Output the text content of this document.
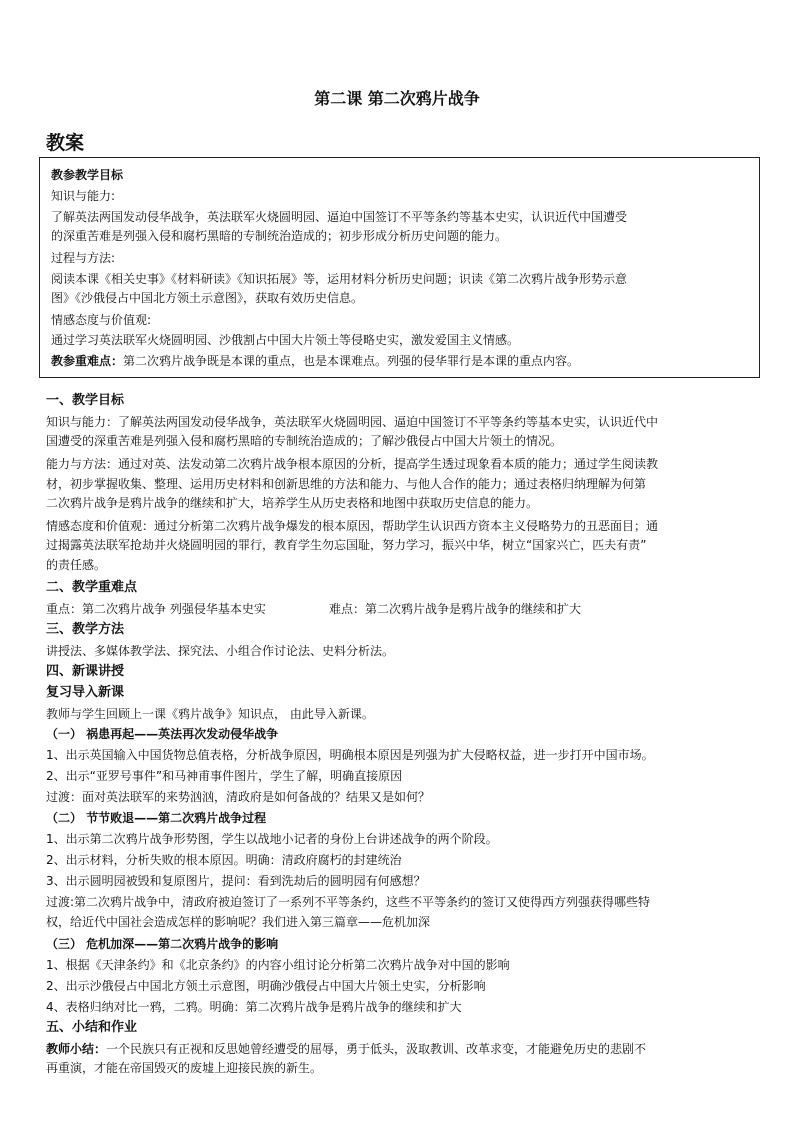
第二课 第二次鸦片战争
教案
教参教学目标
知识与能力:
了解英法两国发动侵华战争，英法联军火烧圆明园、逼迫中国签订不平等条约等基本史实，认识近代中国遭受
的深重苦难是列强入侵和腐朽黑暗的专制统治造成的；初步形成分析历史问题的能力。
过程与方法:
阅读本课《相关史事》《材料研读》《知识拓展》等，运用材料分析历史问题；识读《第二次鸦片战争形势示意
图》《沙俄侵占中国北方领土示意图》，获取有效历史信息。
情感态度与价值观:
通过学习英法联军火烧圆明园、沙俄割占中国大片领土等侵略史实，激发爱国主义情感。
教参重难点：第二次鸦片战争既是本课的重点，也是本课难点。列强的侵华罪行是本课的重点内容。
一、教学目标
知识与能力：了解英法两国发动侵华战争，英法联军火烧圆明园、逼迫中国签订不平等条约等基本史实，认识近代中
国遭受的深重苦难是列强入侵和腐朽黑暗的专制统治造成的；了解沙俄侵占中国大片领土的情况。
能力与方法：通过对英、法发动第二次鸦片战争根本原因的分析，提高学生透过现象看本质的能力；通过学生阅读教
材，初步掌握收集、整理、运用历史材料和创新思维的方法和能力、与他人合作的能力；通过表格归纳理解为何第
二次鸦片战争是鸦片战争的继续和扩大，培养学生从历史表格和地图中获取历史信息的能力。
情感态度和价值观：通过分析第二次鸦片战争爆发的根本原因，帮助学生认识西方资本主义侵略势力的丑恶面目；通
过揭露英法联军抢劫并火烧圆明园的罪行，教育学生勿忘国耻，努力学习，振兴中华，树立“国家兴亡，匹夫有责”
的责任感。
二、教学重难点
重点：第二次鸦片战争 列强侵华基本史实	难点：第二次鸦片战争是鸦片战争的继续和扩大
三、教学方法
讲授法、多媒体教学法、探究法、小组合作讨论法、史料分析法。
四、新课讲授
复习导入新课
教师与学生回顾上一课《鸦片战争》知识点， 由此导入新课。
（一） 祸患再起——英法再次发动侵华战争
1、出示英国输入中国货物总值表格，分析战争原因，明确根本原因是列强为扩大侵略权益，进一步打开中国市场。
2、出示“亚罗号事件”和马神甫事件图片，学生了解，明确直接原因
过渡：面对英法联军的来势汹汹，清政府是如何备战的？结果又是如何？
（二） 节节败退——第二次鸦片战争过程
1、出示第二次鸦片战争形势图，学生以战地小记者的身份上台讲述战争的两个阶段。
2、出示材料，分析失败的根本原因。明确：清政府腐朽的封建统治
3、出示圆明园被毁和复原图片，提问：看到洗劫后的圆明园有何感想？
过渡:第二次鸦片战争中，清政府被迫签订了一系列不平等条约，这些不平等条约的签订又使得西方列强获得哪些特
权，给近代中国社会造成怎样的影响呢？我们进入第三篇章——危机加深
（三） 危机加深——第二次鸦片战争的影响
1、根据《天津条约》和《北京条约》的内容小组讨论分析第二次鸦片战争对中国的影响
2、出示沙俄侵占中国北方领土示意图，明确沙俄侵占中国大片领土史实，分析影响
4、表格归纳对比一鸦，二鸦。明确：第二次鸦片战争是鸦片战争的继续和扩大
五、小结和作业
教师小结：一个民族只有正视和反思她曾经遭受的屈辱，勇于低头，汲取教训、改革求变，才能避免历史的悲剧不
再重演，才能在帝国毁灭的废墟上迎接民族的新生。
